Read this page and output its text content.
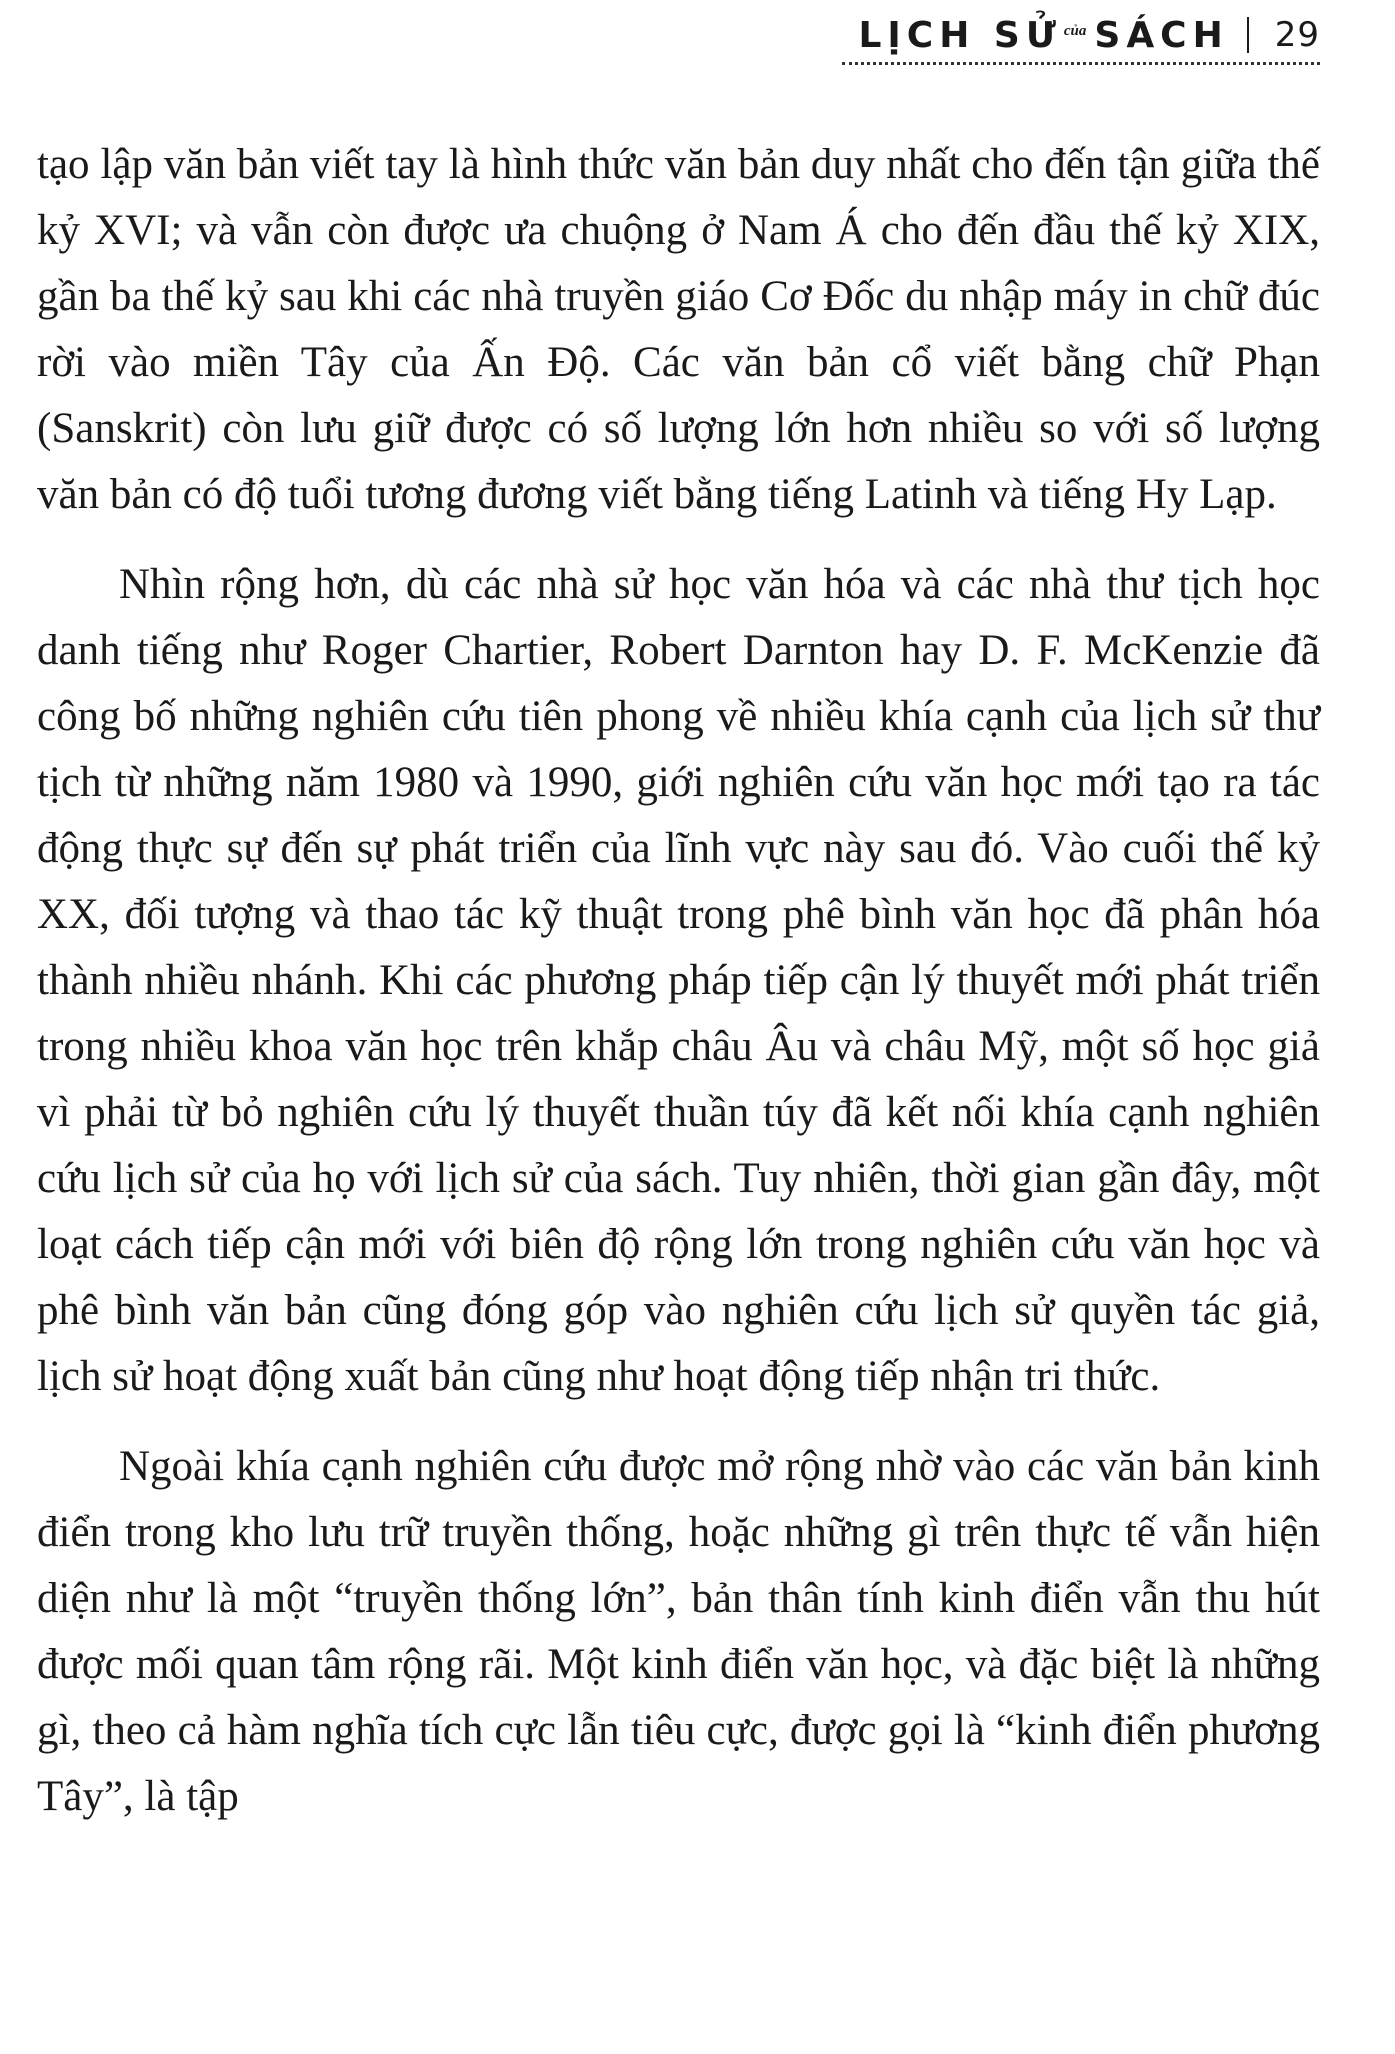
LỊCH SỬ của SÁCH 29

tạo lập văn bản viết tay là hình thức văn bản duy nhất cho đến tận giữa thế kỷ XVI; và vẫn còn được ưa chuộng ở Nam Á cho đến đầu thế kỷ XIX, gần ba thế kỷ sau khi các nhà truyền giáo Cơ Đốc du nhập máy in chữ đúc rời vào miền Tây của Ấn Độ. Các văn bản cổ viết bằng chữ Phạn (Sanskrit) còn lưu giữ được có số lượng lớn hơn nhiều so với số lượng văn bản có độ tuổi tương đương viết bằng tiếng Latinh và tiếng Hy Lạp.

Nhìn rộng hơn, dù các nhà sử học văn hóa và các nhà thư tịch học danh tiếng như Roger Chartier, Robert Darnton hay D. F. McKenzie đã công bố những nghiên cứu tiên phong về nhiều khía cạnh của lịch sử thư tịch từ những năm 1980 và 1990, giới nghiên cứu văn học mới tạo ra tác động thực sự đến sự phát triển của lĩnh vực này sau đó. Vào cuối thế kỷ XX, đối tượng và thao tác kỹ thuật trong phê bình văn học đã phân hóa thành nhiều nhánh. Khi các phương pháp tiếp cận lý thuyết mới phát triển trong nhiều khoa văn học trên khắp châu Âu và châu Mỹ, một số học giả vì phải từ bỏ nghiên cứu lý thuyết thuần túy đã kết nối khía cạnh nghiên cứu lịch sử của họ với lịch sử của sách. Tuy nhiên, thời gian gần đây, một loạt cách tiếp cận mới với biên độ rộng lớn trong nghiên cứu văn học và phê bình văn bản cũng đóng góp vào nghiên cứu lịch sử quyền tác giả, lịch sử hoạt động xuất bản cũng như hoạt động tiếp nhận tri thức.

Ngoài khía cạnh nghiên cứu được mở rộng nhờ vào các văn bản kinh điển trong kho lưu trữ truyền thống, hoặc những gì trên thực tế vẫn hiện diện như là một “truyền thống lớn”, bản thân tính kinh điển vẫn thu hút được mối quan tâm rộng rãi. Một kinh điển văn học, và đặc biệt là những gì, theo cả hàm nghĩa tích cực lẫn tiêu cực, được gọi là “kinh điển phương Tây”, là tập
